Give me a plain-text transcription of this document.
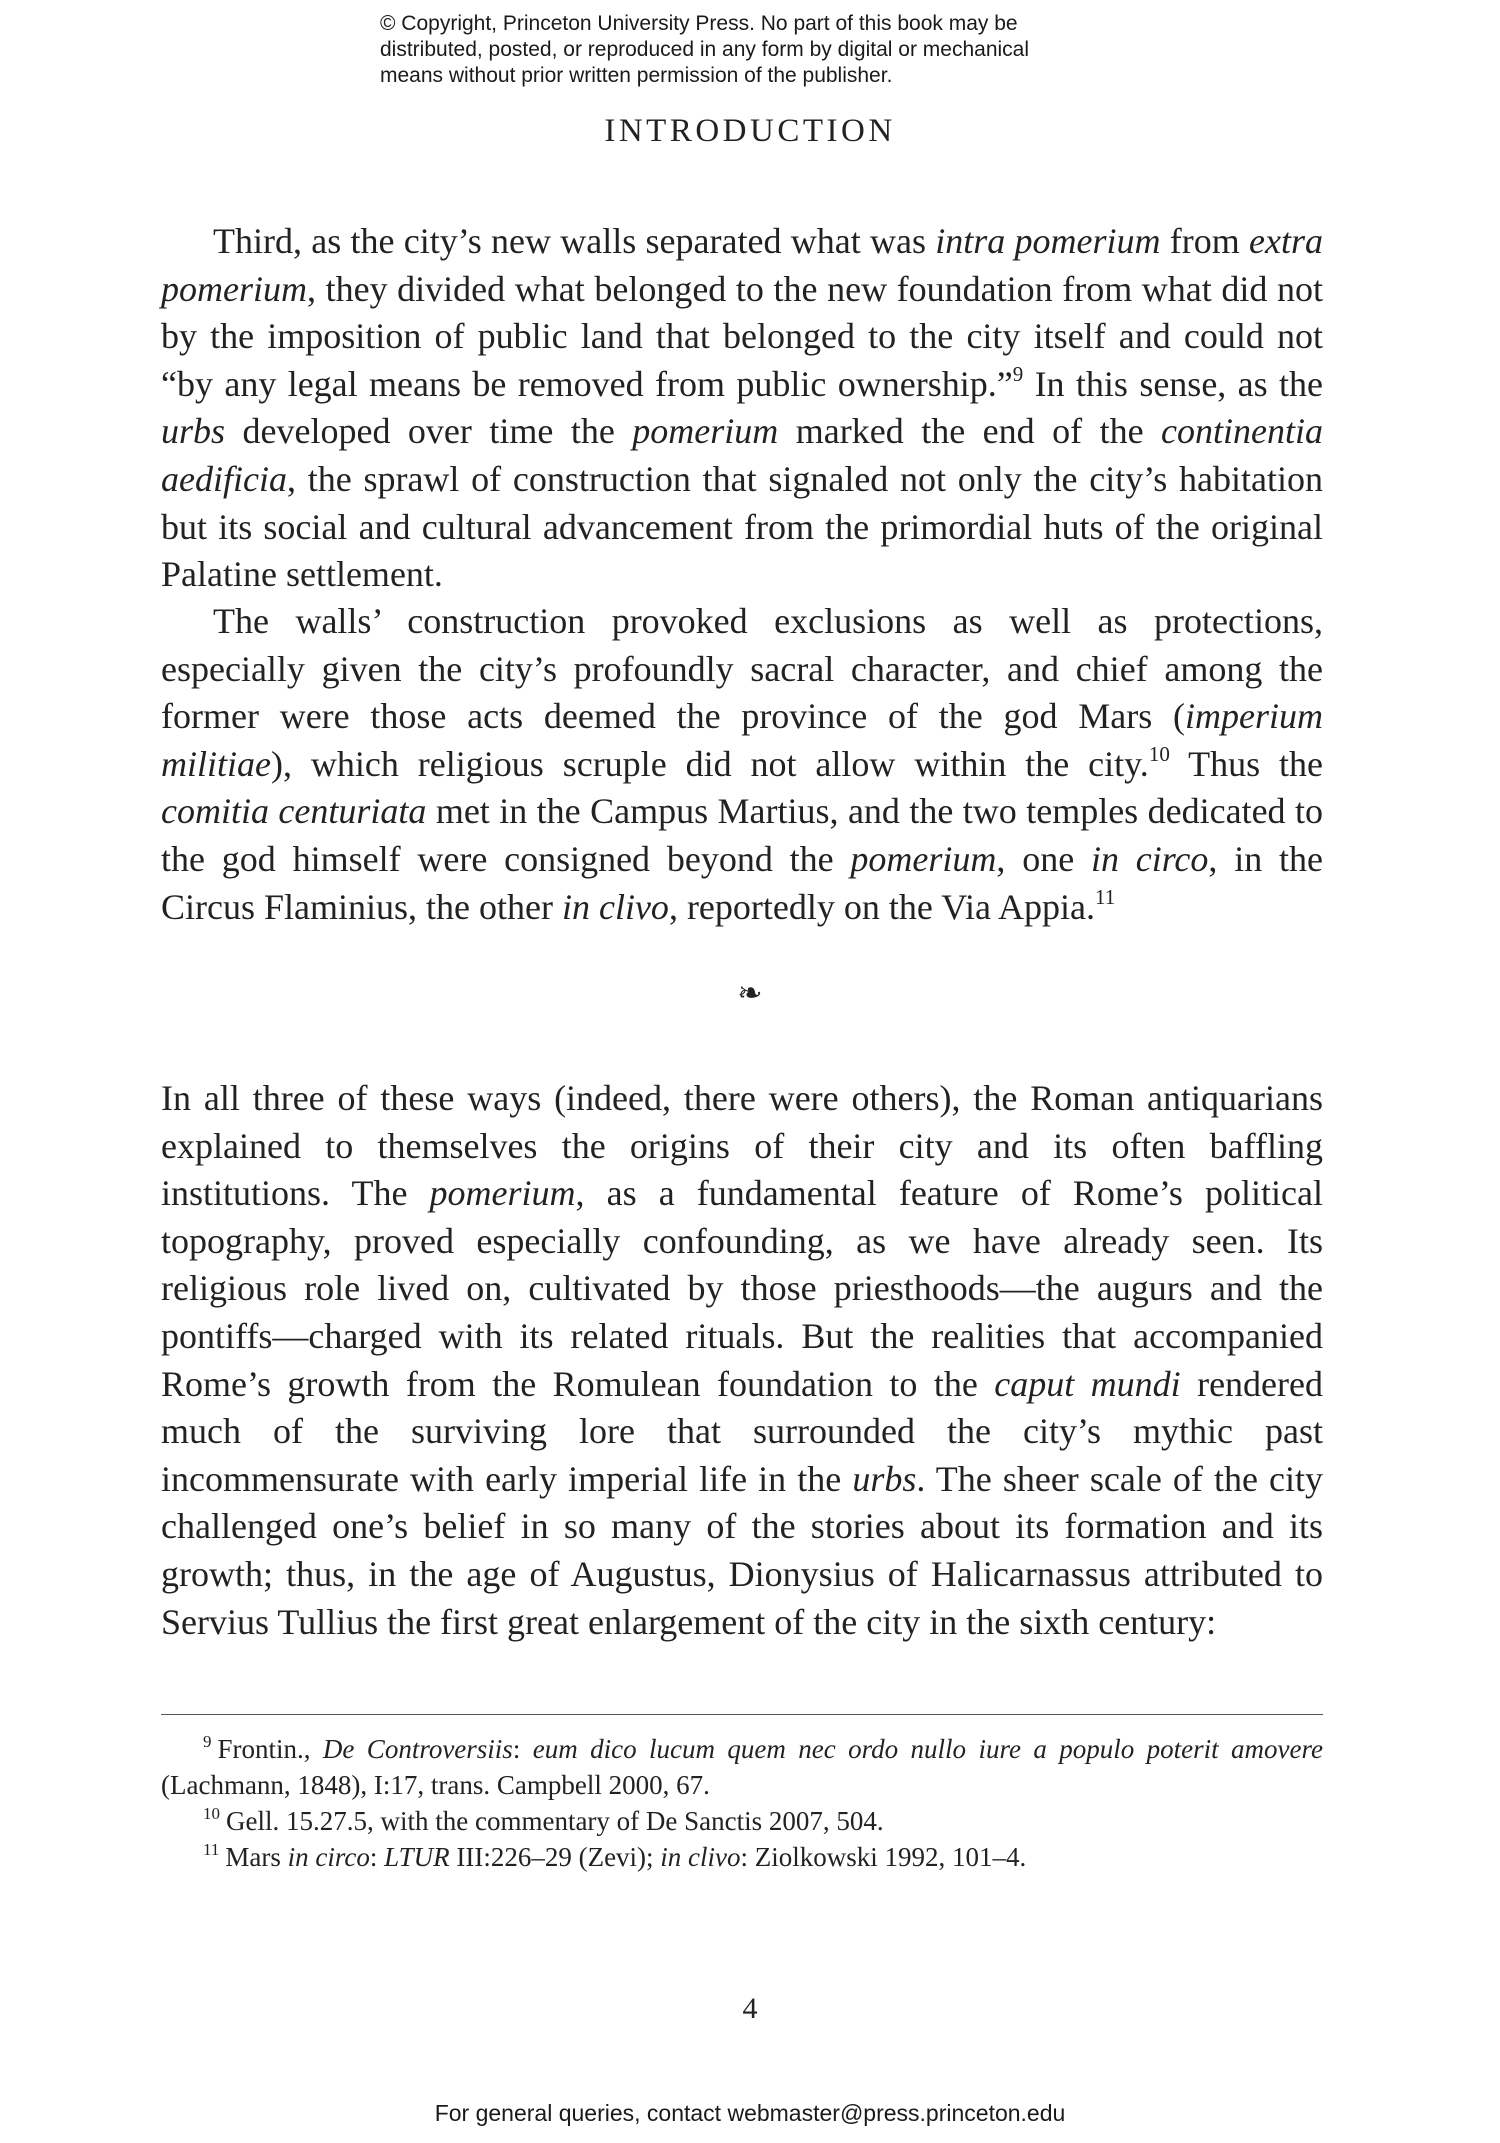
© Copyright, Princeton University Press. No part of this book may be
distributed, posted, or reproduced in any form by digital or mechanical
means without prior written permission of the publisher.
INTRODUCTION

Third, as the city’s new walls separated what was intra pomerium from extra pomerium, they divided what belonged to the new foundation from what did not by the imposition of public land that belonged to the city itself and could not “by any legal means be removed from public ownership.”$^9$ In this sense, as the urbs developed over time the pomerium marked the end of the continentia aedificia, the sprawl of construction that signaled not only the city’s habitation but its social and cultural advancement from the primordial huts of the original Palatine settlement.

The walls’ construction provoked exclusions as well as protections, especially given the city’s profoundly sacral character, and chief among the former were those acts deemed the province of the god Mars (imperium militiae), which religious scruple did not allow within the city.$^{10}$ Thus the comitia centuriata met in the Campus Martius, and the two temples dedicated to the god himself were consigned beyond the pomerium, one in circo, in the Circus Flaminius, the other in clivo, reportedly on the Via Appia.$^{11}$

❧

In all three of these ways (indeed, there were others), the Roman antiquarians explained to themselves the origins of their city and its often baffling institutions. The pomerium, as a fundamental feature of Rome’s political topography, proved especially confounding, as we have already seen. Its religious role lived on, cultivated by those priesthoods—the augurs and the pontiffs—charged with its related rituals. But the realities that accompanied Rome’s growth from the Romulean foundation to the caput mundi rendered much of the surviving lore that surrounded the city’s mythic past incommensurate with early imperial life in the urbs. The sheer scale of the city challenged one’s belief in so many of the stories about its formation and its growth; thus, in the age of Augustus, Dionysius of Halicarnassus attributed to Servius Tullius the first great enlargement of the city in the sixth century:

$^9$ Frontin., De Controversiis: eum dico lucum quem nec ordo nullo iure a populo poterit amovere (Lachmann, 1848), I:17, trans. Campbell 2000, 67.

$^{10}$ Gell. 15.27.5, with the commentary of De Sanctis 2007, 504.

$^{11}$ Mars in circo: LTUR III:226–29 (Zevi); in clivo: Ziolkowski 1992, 101–4.

4
For general queries, contact webmaster@press.princeton.edu
